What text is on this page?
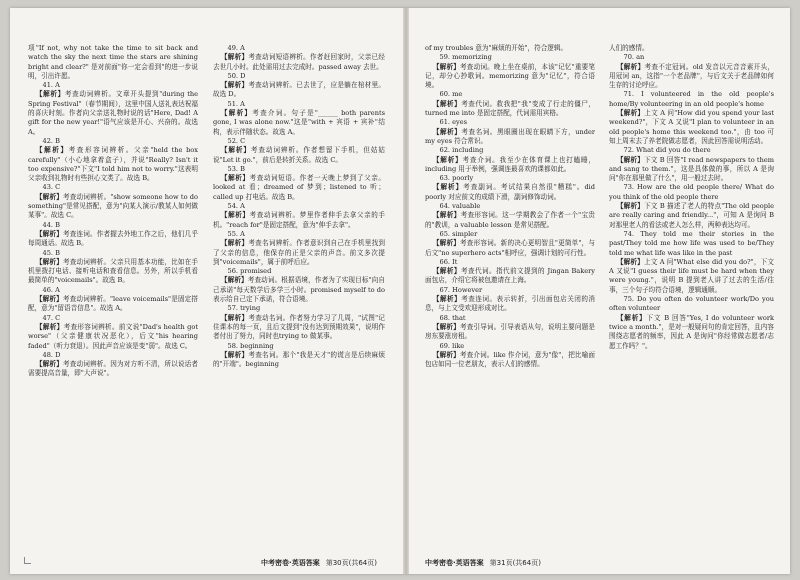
项"If not, why not take the time to sit back and watch the sky the next time the stars are shining bright and clear?" 是对前面"你一定会看到"的进一步说明，引出许愿。

41. A

【解析】考查动词辨析。文章开头提到"during the Spring Festival"（春节期间），这里中国人送礼表达祝福的喜庆时刻。作者向父亲送礼物时说的话"Here, Dad! A gift for the new year!"语气应该是开心、兴奋的。故选 A。

42. B

【解析】考查形容词辨析。父亲"held the box carefully"（小心地拿着盒子），并说"Really? Isn't it too expensive?"下文"I told him not to worry."这表明父亲收到礼物时有些担心文类了。故选 B。

43. C

【解析】考查动词辨析。"show someone how to do something"是常见搭配，意为"向某人演示/教某人如何做某事"。故选 C。

44. B

【解析】考查连词。作者握去外地工作之后，他们几乎每周通话。故选 B。

45. B

【解析】考查动词辨析。父亲只用基本功能，比如在手机里拨打电话、接听电话和查看信息。另外，所以手机看最简单的"voicemails"。故选 B。

46. A

【解析】考查动词辨析。"leave voicemails"是固定搭配，意为"留语音信息"。故选 A。

47. C

【解析】考查形容词辨析。前文说"Dad's health got worse"（父亲健康状况恶化），后文"his hearing faded"（听力衰退）。因此声音应该是变"弱"。故选 C。

48. D

【解析】考查动词辨析。因为对方听不清，所以说话者需要提高音量，即"大声说"。

49. A

【解析】考查动词短语辨析。作者赶回家时，父亲已经去世几小时。此处需用过去完成时。passed away 去世。

50. D

【解析】考查动词辨析。已去世了，应是躺在棺材里。故选 D。

51. A

【解析】考查介词。句子是"______ both parents gone, I was alone now."这是"with + 宾语 + 宾补"结构，表示伴随状态。故选 A。

52. C

【解析】考查动词辨析。作者想留下手机，但姑姑说"Let it go."，前后是转折关系。故选 C。

53. B

【解析】考查动词短语。作者一天晚上梦到了父亲。looked at 看；dreamed of 梦到；listened to 听；called up 打电话。故选 B。

54. A

【解析】考查动词辨析。梦里作者伸手去拿父亲的手机。"reach for"是固定搭配，意为"伸手去拿"。

55. A

【解析】考查名词辨析。作者意识到自己在手机里找到了父亲的信息，他保存的正是父亲的声音。前文多次提到"voicemails"，属于前呼后应。

56. promised

【解析】考查动词。根据语境，作者为了实现目标"向自己承诺"每天数学后多学三小时。promised myself to do 表示给自己定下承诺，符合语境。

57. trying

【解析】考查动名词。作者努力学习了几周，"试图"记住课本的每一页，且后文提到"没有达到预期效果"，说明作者付出了努力，同时也trying to 做某事。

58. beginning

【解析】考查名词。那个"我是天才"的谎言是后续麻烦的"开端"。beginning

中考密卷·英语答案 第30页(共64页)

of my troubles 意为"麻烦的开始"，符合逻辑。

59. memorizing

【解析】考查动词。晚上坐在桌前，本该"记忆"重要笔记，却分心抄歌词。memorizing 意为"记忆"，符合语境。

60. me

【解析】考查代词。救我把"我"变成了行走的僵尸，turned me into 是固定搭配，代词需用宾格。

61. eyes

【解析】考查名词。黑眼圈出现在眼睛下方，under my eyes 符合常识。

62. including

【解析】考查介词。我至少在体育课上也打瞌睡，including 用于举例，强调连最喜欢的课都如此。

63. poorly

【解析】考查副词。考试结果自然很"糟糕"。did poorly 对应前文的成绩下滑，副词修饰动词。

64. valuable

【解析】考查形容词。这一学期教会了作者一个"宝贵的"教训，a valuable lesson 是常见搭配。

65. simpler

【解析】考查形容词。新的决心更明智且"更简单"，与后文"no superhero acts"相呼应，强调计划的可行性。

66. It

【解析】考查代词。指代前文提到的 Jingan Bakery 面包店，介绍它将被包邀请在上海。

67. However

【解析】考查连词。表示转折，引出面包店关闭的消息，与上文受欢迎形成对比。

68. that

【解析】考查引导词。引导表语从句，说明主要问题是房东要涨房租。

69. like

【解析】考查介词。like 作介词，意为"像"，把比喻面包店如同一位老朋友，表示人们的感情。

人们的感情。

70. an

【解析】考查不定冠词。old 发音以元音音素开头，用冠词 an，这指"一个老品牌"，与后文关于老品牌如何生存的讨论呼应。

71. I volunteered in the old people's home/By volunteering in an old people's home

【解析】上文 A 问"How did you spend your last weekend?"，下文 A 又说"I plan to volunteer in an old people's home this weekend too."，由 too 可知上周末去了养老院做志愿者，因此回答需说明活动。

72. What did you do there

【解析】下文 B 回答"I read newspapers to them and sang to them."，这是具体做的事，所以 A 是询问"你在那里做了什么"，用一般过去时。

73. How are the old people there/ What do you think of the old people there

【解析】下文 B 描述了老人的特点"The old people are really caring and friendly..."，可知 A 是询问 B 对那里老人的看法或老人怎么样，两种表达均可。

74. They told me their stories in the past/They told me how life was used to be/They told me what life was like in the past

【解析】上文 A 问"What else did you do?"，下文 A 又说"I guess their life must be hard when they were young."，说明 B 提到老人讲了过去的生活/往事，三个句子均符合语境，逻辑通顺。

75. Do you often do volunteer work/Do you often volunteer

【解析】下文 B 回答"Yes, I do volunteer work twice a month."，是对一般疑问句的肯定回答，且内容围绕志愿者的频率，因此 A 是询问"你经常做志愿者/志愿工作吗？"。

中考密卷·英语答案 第31页(共64页)
